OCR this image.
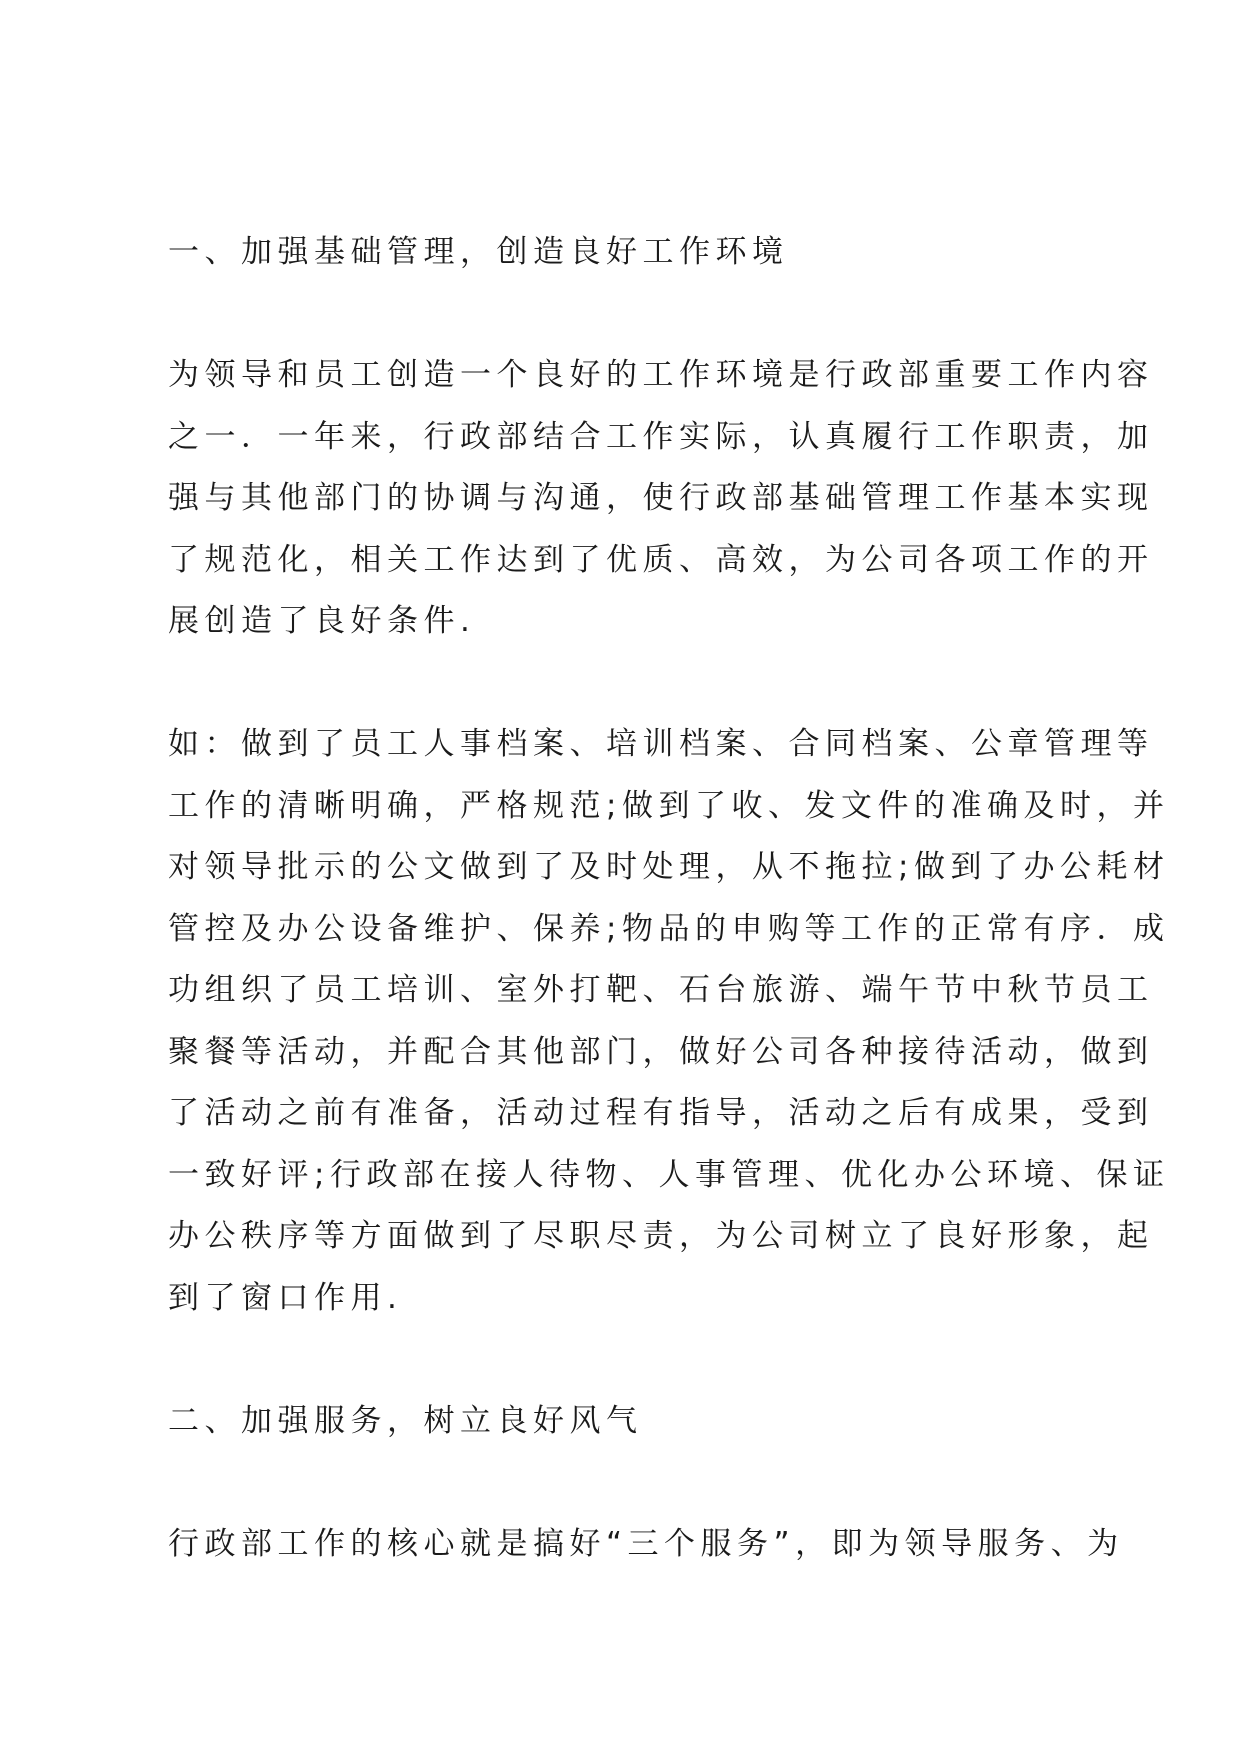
一、加强基础管理，创造良好工作环境

为领导和员工创造一个良好的工作环境是行政部重要工作内容
之一．一年来，行政部结合工作实际，认真履行工作职责，加
强与其他部门的协调与沟通，使行政部基础管理工作基本实现
了规范化，相关工作达到了优质、高效，为公司各项工作的开
展创造了良好条件.

如：做到了员工人事档案、培训档案、合同档案、公章管理等
工作的清晰明确，严格规范;做到了收、发文件的准确及时，并
对领导批示的公文做到了及时处理，从不拖拉;做到了办公耗材
管控及办公设备维护、保养;物品的申购等工作的正常有序．成
功组织了员工培训、室外打靶、石台旅游、端午节中秋节员工
聚餐等活动，并配合其他部门，做好公司各种接待活动，做到
了活动之前有准备，活动过程有指导，活动之后有成果，受到
一致好评;行政部在接人待物、人事管理、优化办公环境、保证
办公秩序等方面做到了尽职尽责，为公司树立了良好形象，起
到了窗口作用.

二、加强服务，树立良好风气

行政部工作的核心就是搞好“三个服务”，即为领导服务、为
